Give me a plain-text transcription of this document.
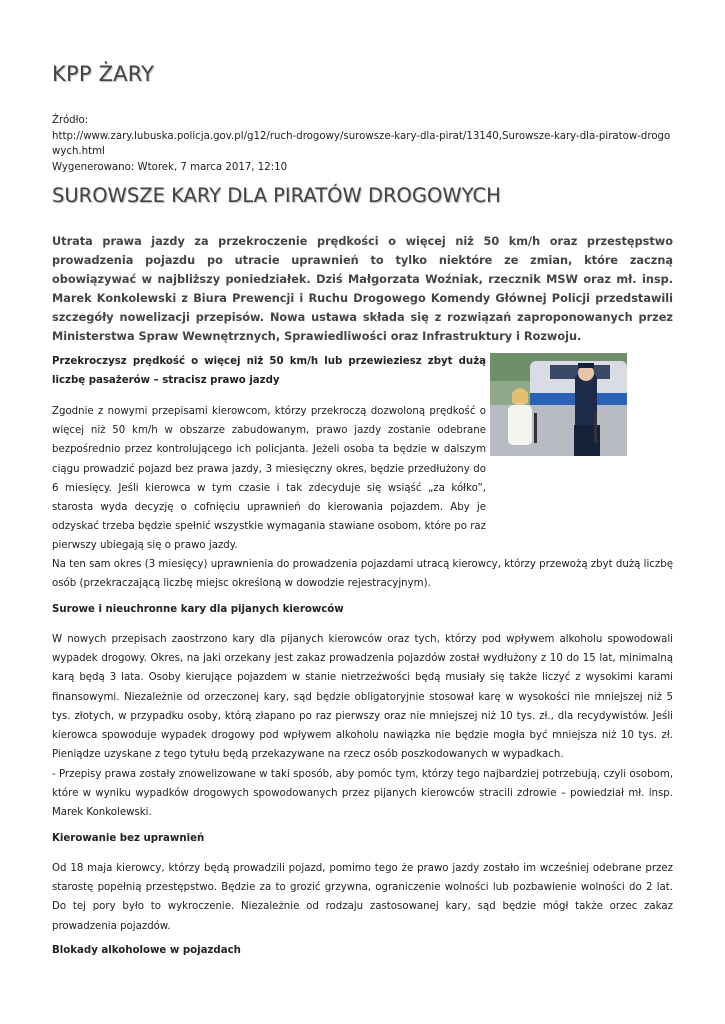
KPP ŻARY
Źródło:
http://www.zary.lubuska.policja.gov.pl/g12/ruch-drogowy/surowsze-kary-dla-pirat/13140,Surowsze-kary-dla-piratow-drogowych.html
Wygenerowano: Wtorek, 7 marca 2017, 12:10
SUROWSZE KARY DLA PIRATÓW DROGOWYCH

Utrata prawa jazdy za przekroczenie prędkości o więcej niż 50 km/h oraz przestępstwo prowadzenia pojazdu po utracie uprawnień to tylko niektóre ze zmian, które zaczną obowiązywać w najbliższy poniedziałek. Dziś Małgorzata Woźniak, rzecznik MSW oraz mł. insp. Marek Konkolewski z Biura Prewencji i Ruchu Drogowego Komendy Głównej Policji przedstawili szczegóły nowelizacji przepisów. Nowa ustawa składa się z rozwiązań zaproponowanych przez Ministerstwa Spraw Wewnętrznych, Sprawiedliwości oraz Infrastruktury i Rozwoju.

Przekroczysz prędkość o więcej niż 50 km/h lub przewieziesz zbyt dużą liczbę pasażerów – stracisz prawo jazdy

Zgodnie z nowymi przepisami kierowcom, którzy przekroczą dozwoloną prędkość o więcej niż 50 km/h w obszarze zabudowanym, prawo jazdy zostanie odebrane bezpośrednio przez kontrolującego ich policjanta. Jeżeli osoba ta będzie w dalszym ciągu prowadzić pojazd bez prawa jazdy, 3 miesięczny okres, będzie przedłużony do 6 miesięcy. Jeśli kierowca w tym czasie i tak zdecyduje się wsiąść „za kółko”, starosta wyda decyzję o cofnięciu uprawnień do kierowania pojazdem. Aby je odzyskać trzeba będzie spełnić wszystkie wymagania stawiane osobom, które po raz pierwszy ubiegają się o prawo jazdy.

Na ten sam okres (3 miesięcy) uprawnienia do prowadzenia pojazdami utracą kierowcy, którzy przewożą zbyt dużą liczbę osób (przekraczającą liczbę miejsc określoną w dowodzie rejestracyjnym).

Surowe i nieuchronne kary dla pijanych kierowców

W nowych przepisach zaostrzono kary dla pijanych kierowców oraz tych, którzy pod wpływem alkoholu spowodowali wypadek drogowy. Okres, na jaki orzekany jest zakaz prowadzenia pojazdów został wydłużony z 10 do 15 lat, minimalną karą będą 3 lata. Osoby kierujące pojazdem w stanie nietrzeźwości będą musiały się także liczyć z wysokimi karami finansowymi. Niezależnie od orzeczonej kary, sąd będzie obligatoryjnie stosował karę w wysokości nie mniejszej niż 5 tys. złotych, w przypadku osoby, którą złapano po raz pierwszy oraz nie mniejszej niż 10 tys. zł., dla recydywistów. Jeśli kierowca spowoduje wypadek drogowy pod wpływem alkoholu nawiązka nie będzie mogła być mniejsza niż 10 tys. zł. Pieniądze uzyskane z tego tytułu będą przekazywane na rzecz osób poszkodowanych w wypadkach.

- Przepisy prawa zostały znowelizowane w taki sposób, aby pomóc tym, którzy tego najbardziej potrzebują, czyli osobom, które w wyniku wypadków drogowych spowodowanych przez pijanych kierowców stracili zdrowie – powiedział mł. insp. Marek Konkolewski.

Kierowanie bez uprawnień

Od 18 maja kierowcy, którzy będą prowadzili pojazd, pomimo tego że prawo jazdy zostało im wcześniej odebrane przez starostę popełnią przestępstwo. Będzie za to grozić grzywna, ograniczenie wolności lub pozbawienie wolności do 2 lat. Do tej pory było to wykroczenie. Niezależnie od rodzaju zastosowanej kary, sąd będzie mógł także orzec zakaz prowadzenia pojazdów.

Blokady alkoholowe w pojazdach
